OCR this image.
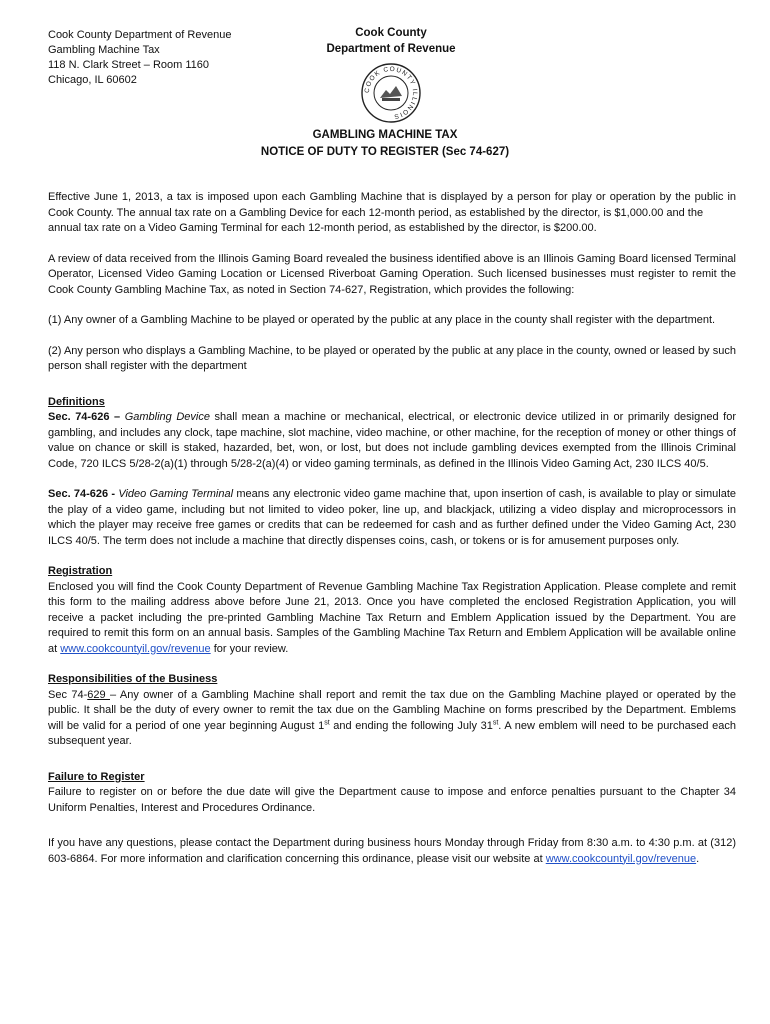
Cook County Department of Revenue
Gambling Machine Tax
118 N. Clark Street – Room 1160
Chicago, IL 60602
Cook County
Department of Revenue
COOK COUNTY ILLINOIS
GAMBLING MACHINE TAX
NOTICE OF DUTY TO REGISTER (Sec 74-627)

Effective June 1, 2013, a tax is imposed upon each Gambling Machine that is displayed by a person for play or operation by the public in Cook County. The annual tax rate on a Gambling Device for each 12-month period, as established by the director, is $1,000.00 and the
annual tax rate on a Video Gaming Terminal for each 12-month period, as established by the director, is $200.00.

A review of data received from the Illinois Gaming Board revealed the business identified above is an Illinois Gaming Board licensed Terminal Operator, Licensed Video Gaming Location or Licensed Riverboat Gaming Operation. Such licensed businesses must register to remit the Cook County Gambling Machine Tax, as noted in Section 74-627, Registration, which provides the following:

(1) Any owner of a Gambling Machine to be played or operated by the public at any place in the county shall register with the department.

(2) Any person who displays a Gambling Machine, to be played or operated by the public at any place in the county, owned or leased by such person shall register with the department

Definitions
Sec. 74-626 – Gambling Device shall mean a machine or mechanical, electrical, or electronic device utilized in or primarily designed for gambling, and includes any clock, tape machine, slot machine, video machine, or other machine, for the reception of money or other things of value on chance or skill is staked, hazarded, bet, won, or lost, but does not include gambling devices exempted from the Illinois Criminal Code, 720 ILCS 5/28-2(a)(1) through 5/28-2(a)(4) or video gaming terminals, as defined in the Illinois Video Gaming Act, 230 ILCS 40/5.

Sec. 74-626 - Video Gaming Terminal means any electronic video game machine that, upon insertion of cash, is available to play or simulate the play of a video game, including but not limited to video poker, line up, and blackjack, utilizing a video display and microprocessors in which the player may receive free games or credits that can be redeemed for cash and as further defined under the Video Gaming Act, 230 ILCS 40/5. The term does not include a machine that directly dispenses coins, cash, or tokens or is for amusement purposes only.

Registration
Enclosed you will find the Cook County Department of Revenue Gambling Machine Tax Registration Application. Please complete and remit this form to the mailing address above before June 21, 2013. Once you have completed the enclosed Registration Application, you will receive a packet including the pre-printed Gambling Machine Tax Return and Emblem Application issued by the Department. You are required to remit this form on an annual basis. Samples of the Gambling Machine Tax Return and Emblem Application will be available online at www.cookcountyil.gov/revenue for your review.

Responsibilities of the Business
Sec 74-629 – Any owner of a Gambling Machine shall report and remit the tax due on the Gambling Machine played or operated by the public. It shall be the duty of every owner to remit the tax due on the Gambling Machine on forms prescribed by the Department. Emblems will be valid for a period of one year beginning August 1st and ending the following July 31st. A new emblem will need to be purchased each subsequent year.

Failure to Register
Failure to register on or before the due date will give the Department cause to impose and enforce penalties pursuant to the Chapter 34 Uniform Penalties, Interest and Procedures Ordinance.

If you have any questions, please contact the Department during business hours Monday through Friday from 8:30 a.m. to 4:30 p.m. at (312) 603-6864. For more information and clarification concerning this ordinance, please visit our website at www.cookcountyil.gov/revenue.
